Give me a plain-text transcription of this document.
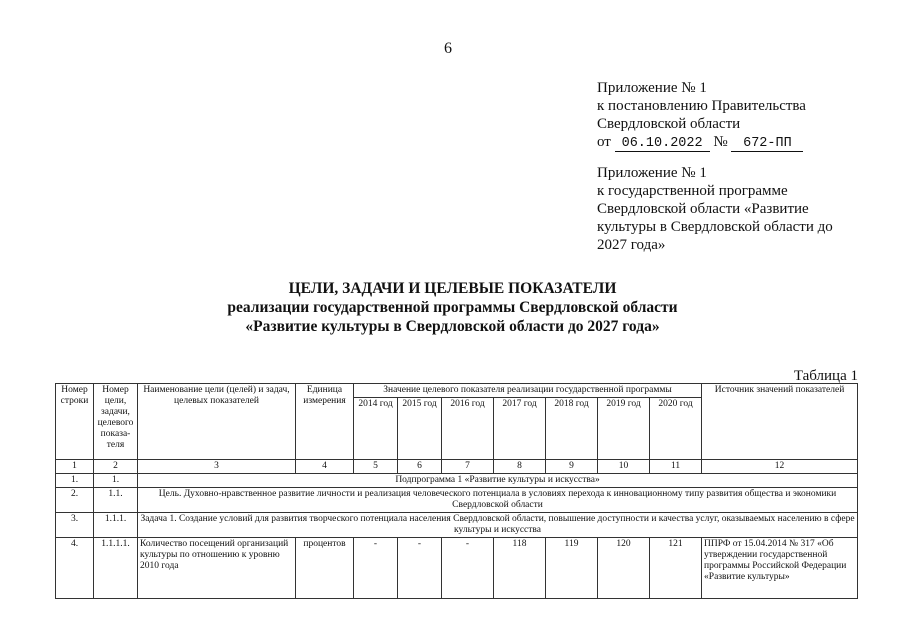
6
Приложение № 1
к постановлению Правительства
Свердловской области
от 06.10.2022 № 672-ПП
Приложение № 1
к государственной программе Свердловской области «Развитие культуры в Свердловской области до 2027 года»
ЦЕЛИ, ЗАДАЧИ И ЦЕЛЕВЫЕ ПОКАЗАТЕЛИ
реализации государственной программы Свердловской области
«Развитие культуры в Свердловской области до 2027 года»
Таблица 1
Номер строки	Номер цели, задачи, целевого показа-теля	Наименование цели (целей) и задач, целевых показателей	Единица измерения	Значение целевого показателя реализации государственной программы							Источник значений показателей
				2014 год	2015 год	2016 год	2017 год	2018 год	2019 год	2020 год	
1	2	3	4	5	6	7	8	9	10	11	12
1.	1.	Подпрограмма 1 «Развитие культуры и искусства»									
2.	1.1.	Цель. Духовно-нравственное развитие личности и реализация человеческого потенциала в условиях перехода к инновационному типу развития общества и экономики Свердловской области									
3.	1.1.1.	Задача 1. Создание условий для развития творческого потенциала населения Свердловской области, повышение доступности и качества услуг, оказываемых населению в сфере культуры и искусства									
4.	1.1.1.1.	Количество посещений организаций культуры по отношению к уровню 2010 года	процентов	-	-	-	118	119	120	121	ППРФ от 15.04.2014 № 317 «Об утверждении государственной программы Российской Федерации «Развитие культуры»
